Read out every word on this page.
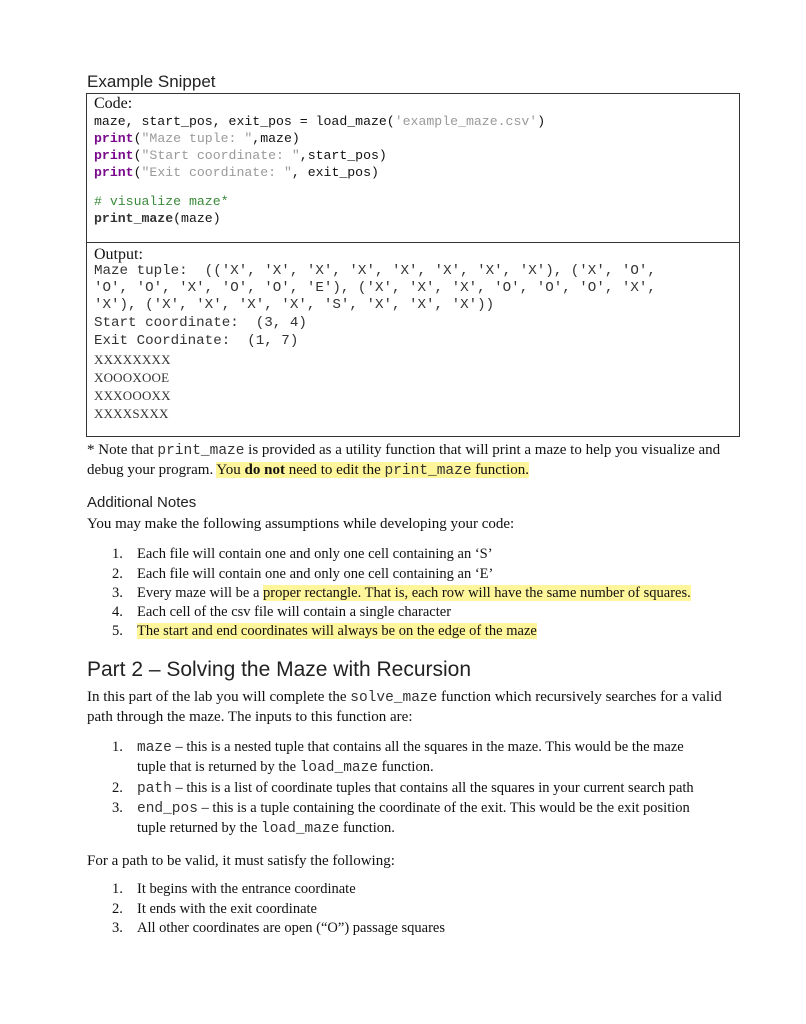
Example Snippet
Code:
maze, start_pos, exit_pos = load_maze('example_maze.csv')
print("Maze tuple: ",maze)
print("Start coordinate: ",start_pos)
print("Exit coordinate: ", exit_pos)
# visualize maze*
print_maze(maze)
Output:
Maze tuple:  (('X', 'X', 'X', 'X', 'X', 'X', 'X', 'X'), ('X', 'O',
'O', 'O', 'X', 'O', 'O', 'E'), ('X', 'X', 'X', 'O', 'O', 'O', 'X',
'X'), ('X', 'X', 'X', 'X', 'S', 'X', 'X', 'X'))
Start coordinate:  (3, 4)
Exit Coordinate:  (1, 7)
XXXXXXXX
XOOOXOOE
XXXOOOXX
XXXXSXXX
* Note that print_maze is provided as a utility function that will print a maze to help you visualize and
debug your program. You do not need to edit the print_maze function.
Additional Notes
You may make the following assumptions while developing your code:
1. Each file will contain one and only one cell containing an ‘S’
2. Each file will contain one and only one cell containing an ‘E’
3. Every maze will be a proper rectangle. That is, each row will have the same number of squares.
4. Each cell of the csv file will contain a single character
5. The start and end coordinates will always be on the edge of the maze
Part 2 – Solving the Maze with Recursion
In this part of the lab you will complete the solve_maze function which recursively searches for a valid
path through the maze. The inputs to this function are:
1. maze – this is a nested tuple that contains all the squares in the maze. This would be the maze
tuple that is returned by the load_maze function.
2. path – this is a list of coordinate tuples that contains all the squares in your current search path
3. end_pos – this is a tuple containing the coordinate of the exit. This would be the exit position
tuple returned by the load_maze function.
For a path to be valid, it must satisfy the following:
1. It begins with the entrance coordinate
2. It ends with the exit coordinate
3. All other coordinates are open (“O”) passage squares
